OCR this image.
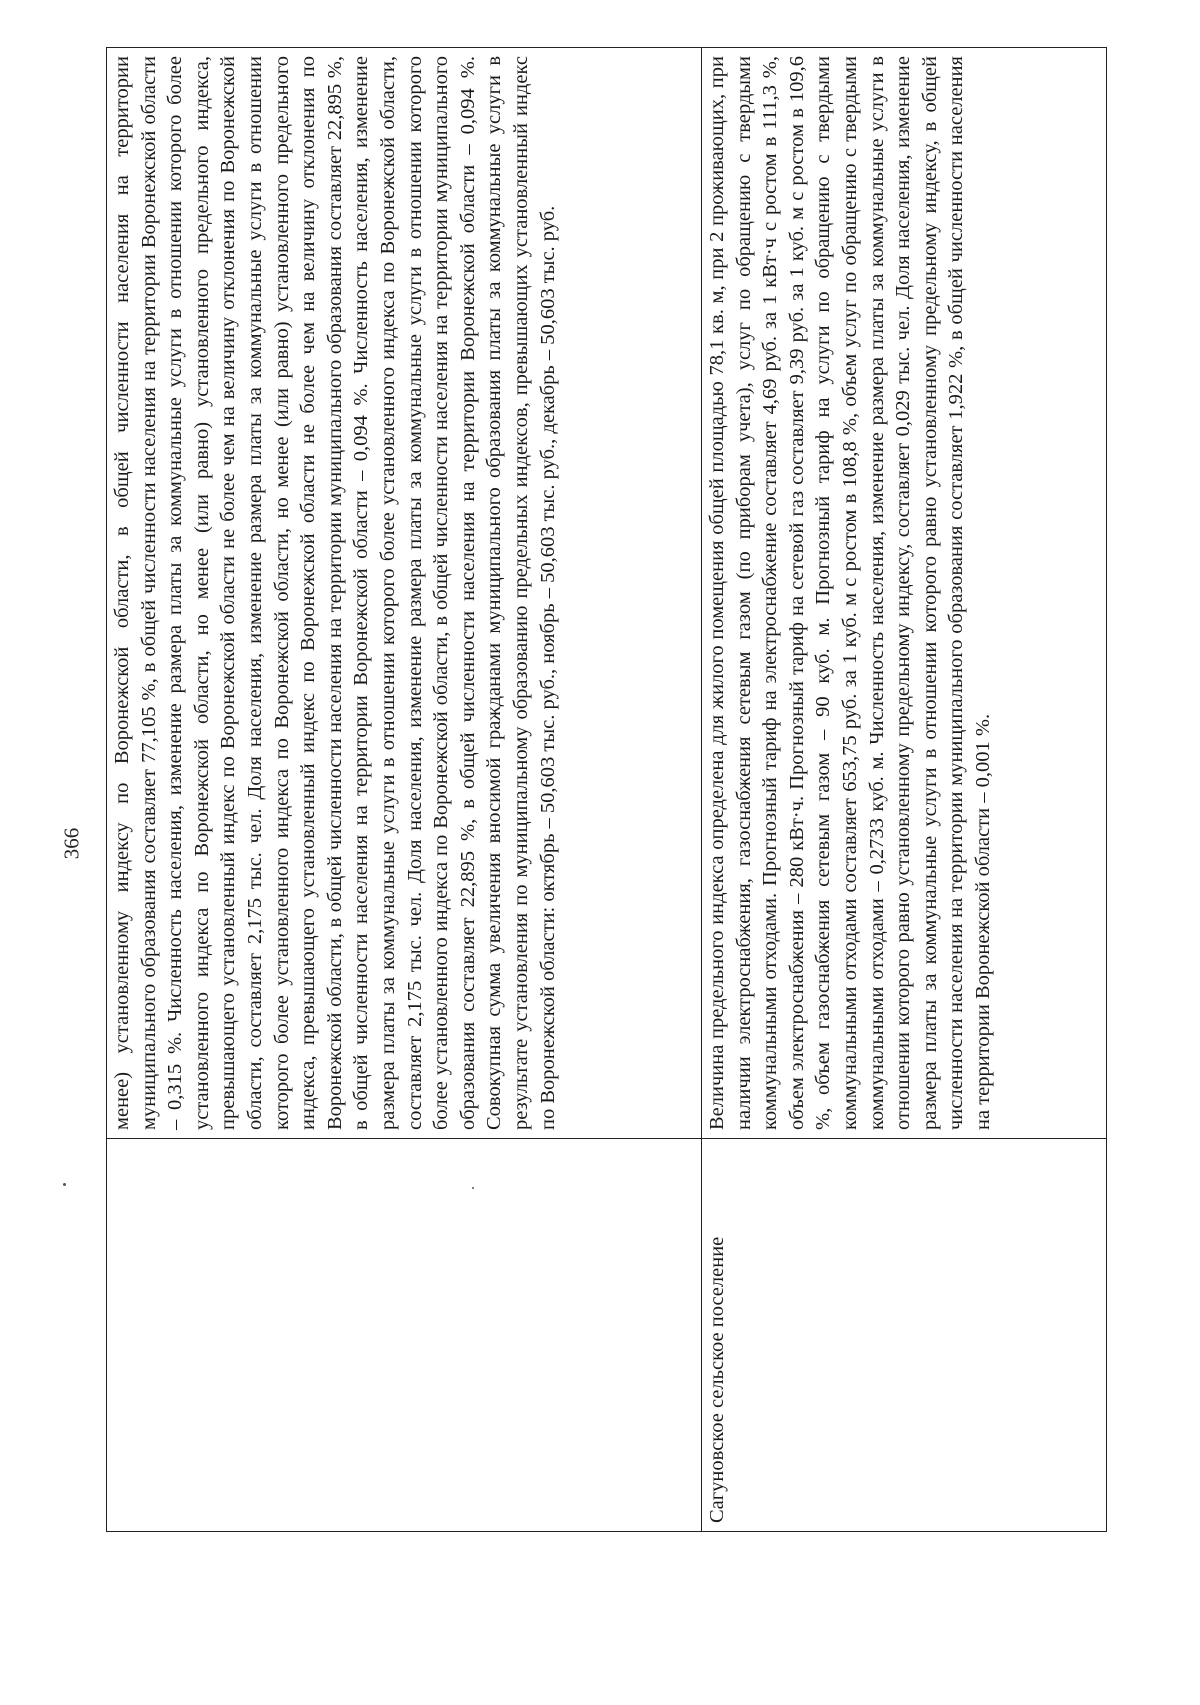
366
	менее) установленному индексу по Воронежской области, в общей численности населения на территории муниципального образования составляет 77,105 %, в общей численности населения на территории Воронежской области – 0,315 %. Численность населения, изменение размера платы за коммунальные услуги в отношении которого более установленного индекса по Воронежской области, но менее (или равно) установленного предельного индекса, превышающего установленный индекс по Воронежской области не более чем на величину отклонения по Воронежской области, составляет 2,175 тыс. чел. Доля населения, изменение размера платы за коммунальные услуги в отношении которого более установленного индекса по Воронежской области, но менее (или равно) установленного предельного индекса, превышающего установленный индекс по Воронежской области не более чем на величину отклонения по Воронежской области, в общей численности населения на территории муниципального образования составляет 22,895 %, в общей численности населения на территории Воронежской области – 0,094 %. Численность населения, изменение размера платы за коммунальные услуги в отношении которого более установленного индекса по Воронежской области, составляет 2,175 тыс. чел. Доля населения, изменение размера платы за коммунальные услуги в отношении которого более установленного индекса по Воронежской области, в общей численности населения на территории муниципального образования составляет 22,895 %, в общей численности населения на территории Воронежской области – 0,094 %. Совокупная сумма увеличения вносимой гражданами муниципального образования платы за коммунальные услуги в результате установления по муниципальному образованию предельных индексов, превышающих установленный индекс по Воронежской области: октябрь – 50,603 тыс. руб., ноябрь – 50,603 тыс. руб., декабрь – 50,603 тыс. руб.
Сагуновское сельское поселение	Величина предельного индекса определена для жилого помещения общей площадью 78,1 кв. м, при 2 проживающих, при наличии электроснабжения, газоснабжения сетевым газом (по приборам учета), услуг по обращению с твердыми коммунальными отходами. Прогнозный тариф на электроснабжение составляет 4,69 руб. за 1 кВт·ч с ростом в 111,3 %, объем электроснабжения – 280 кВт·ч. Прогнозный тариф на сетевой газ составляет 9,39 руб. за 1 куб. м с ростом в 109,6 %, объем газоснабжения сетевым газом – 90 куб. м. Прогнозный тариф на услуги по обращению с твердыми коммунальными отходами составляет 653,75 руб. за 1 куб. м с ростом в 108,8 %, объем услуг по обращению с твердыми коммунальными отходами – 0,2733 куб. м. Численность населения, изменение размера платы за коммунальные услуги в отношении которого равно установленному предельному индексу, составляет 0,029 тыс. чел. Доля населения, изменение размера платы за коммунальные услуги в отношении которого равно установленному предельному индексу, в общей численности населения на территории муниципального образования составляет 1,922 %, в общей численности населения на территории Воронежской области – 0,001 %.
